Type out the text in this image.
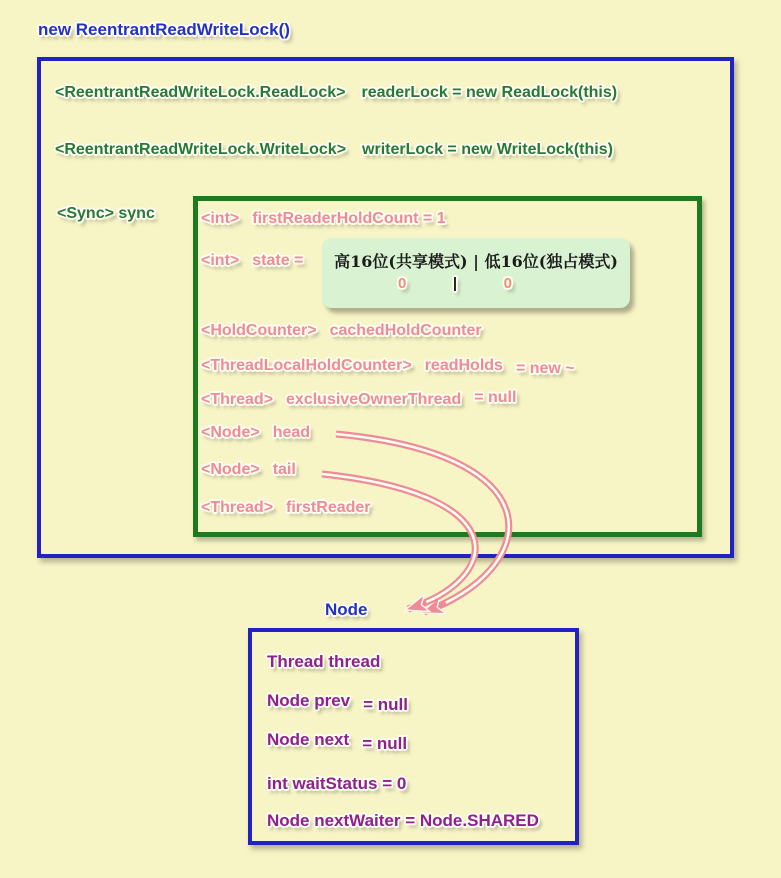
new ReentrantReadWriteLock()
<ReentrantReadWriteLock.ReadLock> readerLock = new ReadLock(this)
<ReentrantReadWriteLock.WriteLock> writerLock = new WriteLock(this)
<Sync> sync	<int> firstReaderHoldCount = 1
<int> state =	高16位(共享模式) | 低16位(独占模式)
0	|	0
<HoldCounter> cachedHoldCounter
<ThreadLocalHoldCounter> readHolds = new ~
<Thread> exclusiveOwnerThread = null
<Node> head
<Node> tail
<Thread> firstReader
Node
Thread thread
Node prev = null
Node next = null
int waitStatus = 0
Node nextWaiter = Node.SHARED
